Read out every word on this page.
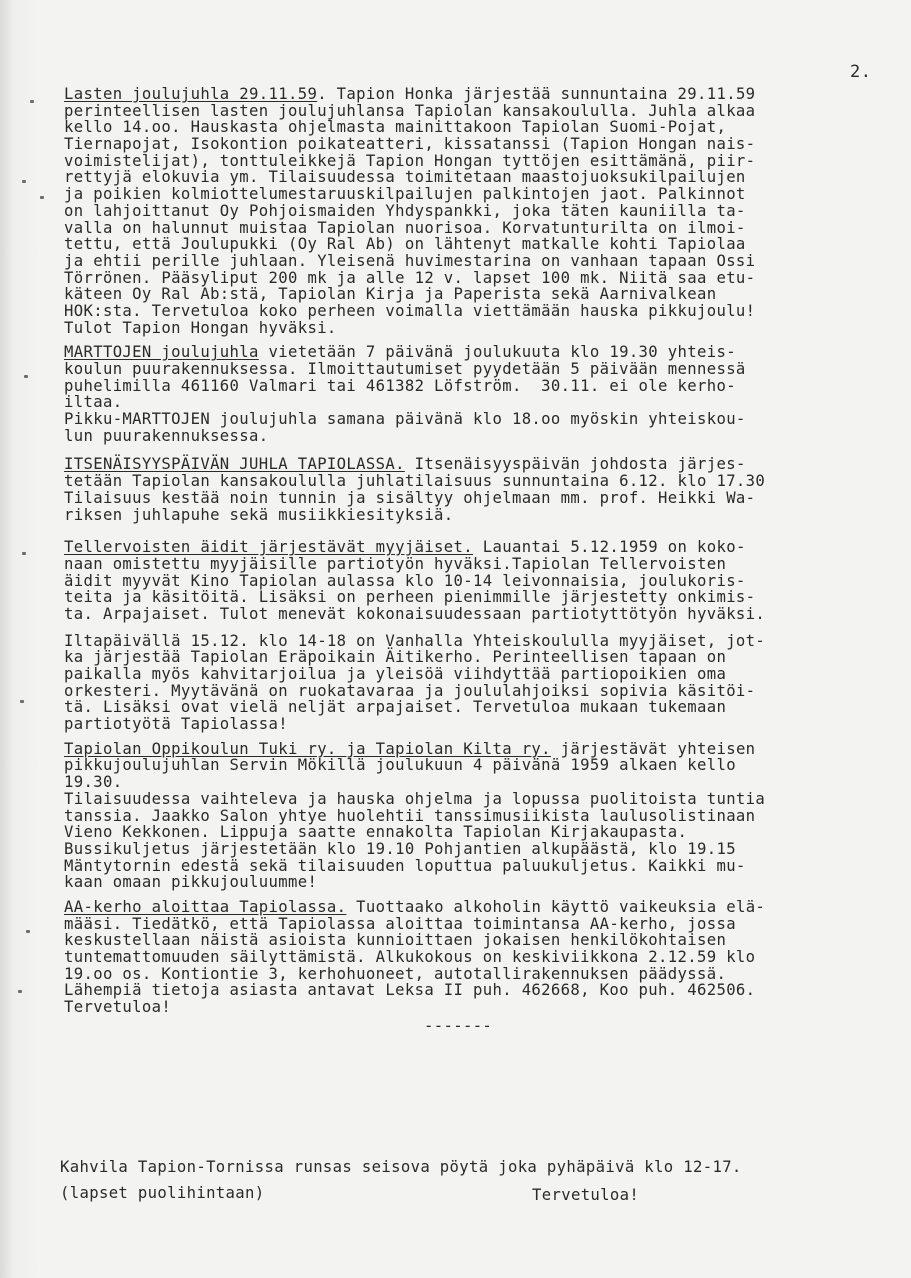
2.
Lasten joulujuhla 29.11.59. Tapion Honka järjestää sunnuntaina 29.11.59
perinteellisen lasten joulujuhlansa Tapiolan kansakoululla. Juhla alkaa
kello 14.oo. Hauskasta ohjelmasta mainittakoon Tapiolan Suomi-Pojat,
Tiernapojat, Isokontion poikateatteri, kissatanssi (Tapion Hongan nais-
voimistelijat), tonttuleikkejä Tapion Hongan tyttöjen esittämänä, piir-
rettyjä elokuvia ym. Tilaisuudessa toimitetaan maastojuoksukilpailujen
ja poikien kolmiottelumestaruuskilpailujen palkintojen jaot. Palkinnot
on lahjoittanut Oy Pohjoismaiden Yhdyspankki, joka täten kauniilla ta-
valla on halunnut muistaa Tapiolan nuorisoa. Korvatunturilta on ilmoi-
tettu, että Joulupukki (Oy Ral Ab) on lähtenyt matkalle kohti Tapiolaa
ja ehtii perille juhlaan. Yleisenä huvimestarina on vanhaan tapaan Ossi
Törrönen. Pääsyliput 200 mk ja alle 12 v. lapset 100 mk. Niitä saa etu-
käteen Oy Ral Ab:stä, Tapiolan Kirja ja Paperista sekä Aarnivalkean
HOK:sta. Tervetuloa koko perheen voimalla viettämään hauska pikkujoulu!
Tulot Tapion Hongan hyväksi.
MARTTOJEN joulujuhla vietetään 7 päivänä joulukuuta klo 19.30 yhteis-
koulun puurakennuksessa. Ilmoittautumiset pyydetään 5 päivään mennessä
puhelimilla 461160 Valmari tai 461382 Löfström.  30.11. ei ole kerho-
iltaa.
Pikku-MARTTOJEN joulujuhla samana päivänä klo 18.oo myöskin yhteiskou-
lun puurakennuksessa.
ITSENÄISYYSPÄIVÄN JUHLA TAPIOLASSA. Itsenäisyyspäivän johdosta järjes-
tetään Tapiolan kansakoululla juhlatilaisuus sunnuntaina 6.12. klo 17.30
Tilaisuus kestää noin tunnin ja sisältyy ohjelmaan mm. prof. Heikki Wa-
riksen juhlapuhe sekä musiikkiesityksiä.
Tellervoisten äidit järjestävät myyjäiset. Lauantai 5.12.1959 on koko-
naan omistettu myyjäisille partiotyön hyväksi.Tapiolan Tellervoisten
äidit myyvät Kino Tapiolan aulassa klo 10-14 leivonnaisia, joulukoris-
teita ja käsitöitä. Lisäksi on perheen pienimmille järjestetty onkimis-
ta. Arpajaiset. Tulot menevät kokonaisuudessaan partiotyttötyön hyväksi.
Iltapäivällä 15.12. klo 14-18 on Vanhalla Yhteiskoululla myyjäiset, jot-
ka järjestää Tapiolan Eräpoikain Äitikerho. Perinteellisen tapaan on
paikalla myös kahvitarjoilua ja yleisöä viihdyttää partiopoikien oma
orkesteri. Myytävänä on ruokatavaraa ja joululahjoiksi sopivia käsitöi-
tä. Lisäksi ovat vielä neljät arpajaiset. Tervetuloa mukaan tukemaan
partiotyötä Tapiolassa!
Tapiolan Oppikoulun Tuki ry. ja Tapiolan Kilta ry. järjestävät yhteisen
pikkujoulujuhlan Servin Mökillä joulukuun 4 päivänä 1959 alkaen kello
19.30.
Tilaisuudessa vaihteleva ja hauska ohjelma ja lopussa puolitoista tuntia
tanssia. Jaakko Salon yhtye huolehtii tanssimusiikista laulusolistinaan
Vieno Kekkonen. Lippuja saatte ennakolta Tapiolan Kirjakaupasta.
Bussikuljetus järjestetään klo 19.10 Pohjantien alkupäästä, klo 19.15
Mäntytornin edestä sekä tilaisuuden loputtua paluukuljetus. Kaikki mu-
kaan omaan pikkujouluumme!
AA-kerho aloittaa Tapiolassa. Tuottaako alkoholin käyttö vaikeuksia elä-
määsi. Tiedätkö, että Tapiolassa aloittaa toimintansa AA-kerho, jossa
keskustellaan näistä asioista kunnioittaen jokaisen henkilökohtaisen
tuntemattomuuden säilyttämistä. Alkukokous on keskiviikkona 2.12.59 klo
19.oo os. Kontiontie 3, kerhohuoneet, autotallirakennuksen päädyssä.
Lähempiä tietoja asiasta antavat Leksa II puh. 462668, Koo puh. 462506.
Tervetuloa!
-------
Kahvila Tapion-Tornissa runsas seisova pöytä joka pyhäpäivä klo 12-17.
(lapset puolihintaan)	Tervetuloa!
